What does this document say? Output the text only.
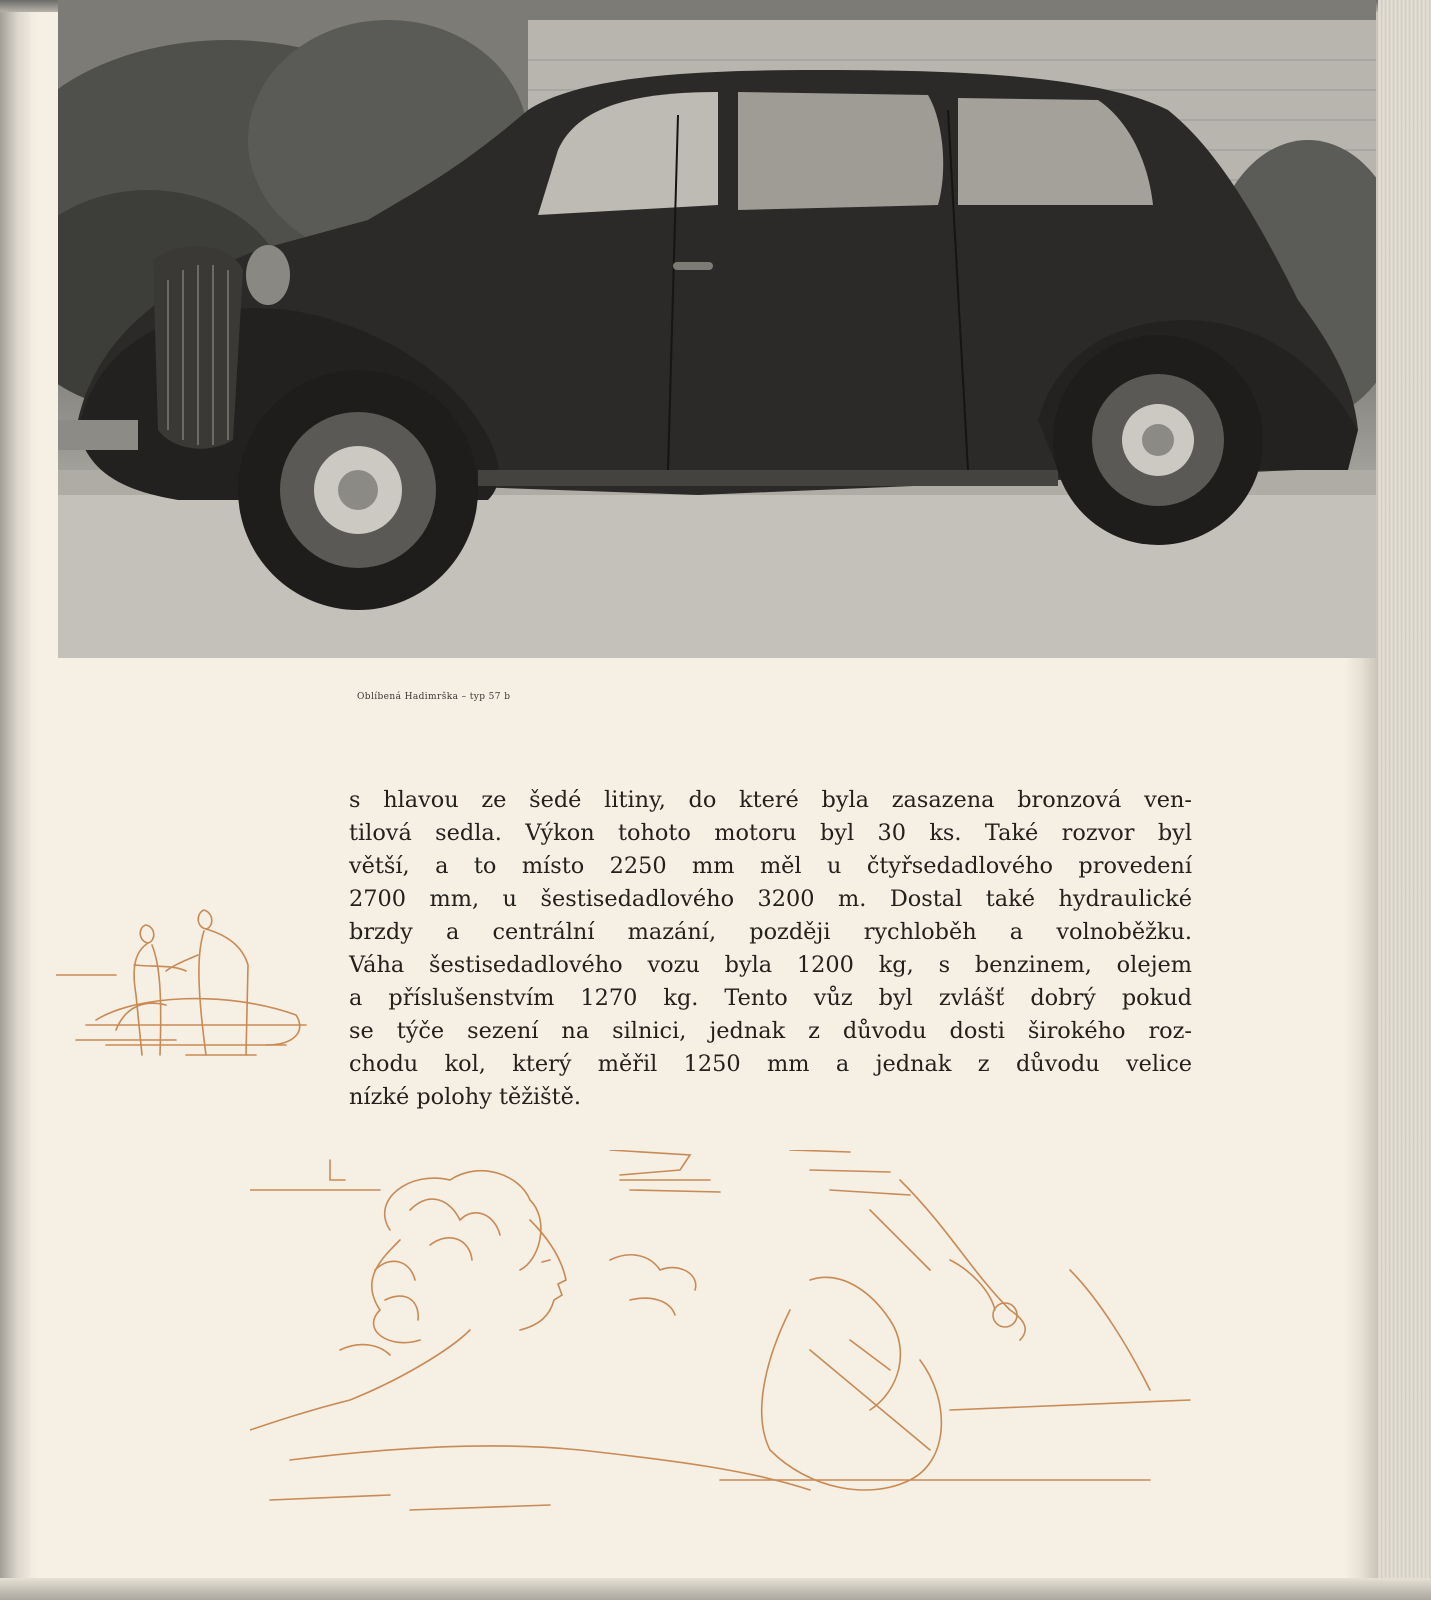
Oblíbená Hadimrška – typ 57 b
s hlavou ze šedé litiny, do které byla zasazena bronzová ven-
tilová sedla. Výkon tohoto motoru byl 30 ks. Také rozvor byl
větší, a to místo 2250 mm měl u čtyřsedadlového provedení
2700 mm, u šestisedadlového 3200 m. Dostal také hydraulické
brzdy a centrální mazání, později rychloběh a volnoběžku.
Váha šestisedadlového vozu byla 1200 kg, s benzinem, olejem
a příslušenstvím 1270 kg. Tento vůz byl zvlášť dobrý pokud
se týče sezení na silnici, jednak z důvodu dosti širokého roz-
chodu kol, který měřil 1250 mm a jednak z důvodu velice
nízké polohy těžiště.
